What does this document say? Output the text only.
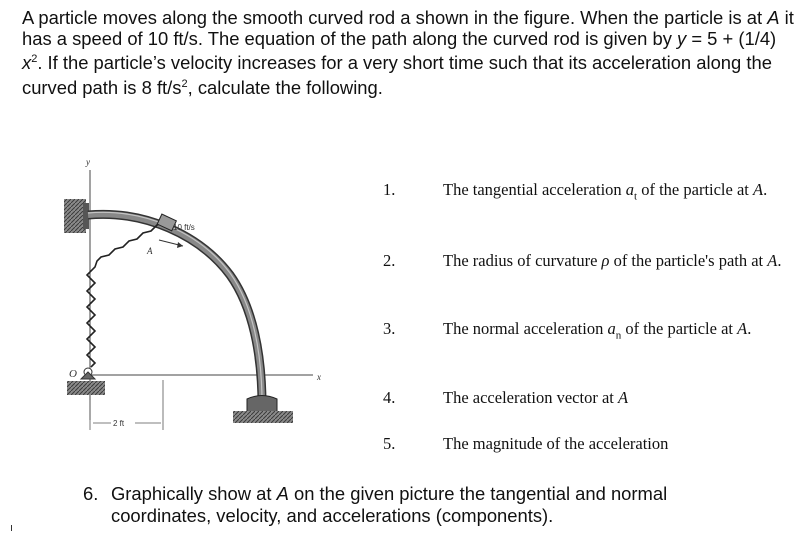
A particle moves along the smooth curved rod a shown in the figure. When the particle is at A it has a speed of 10 ft/s. The equation of the path along the curved rod is given by y = 5 + (1/4) $x^2$. If the particle’s velocity increases for a very short time such that its acceleration along the curved path is 8 $ft/s^2$, calculate the following.

y
x
O
A
10 ft/s
2 ft
1.	The tangential acceleration $a_t$ of the particle at A.
2.	The radius of curvature ρ of the particle's path at A.
3.	The normal acceleration $a_n$ of the particle at A.
4.	The acceleration vector at A
5.	The magnitude of the acceleration
6. Graphically show at A on the given picture the tangential and normal coordinates, velocity, and accelerations (components).
